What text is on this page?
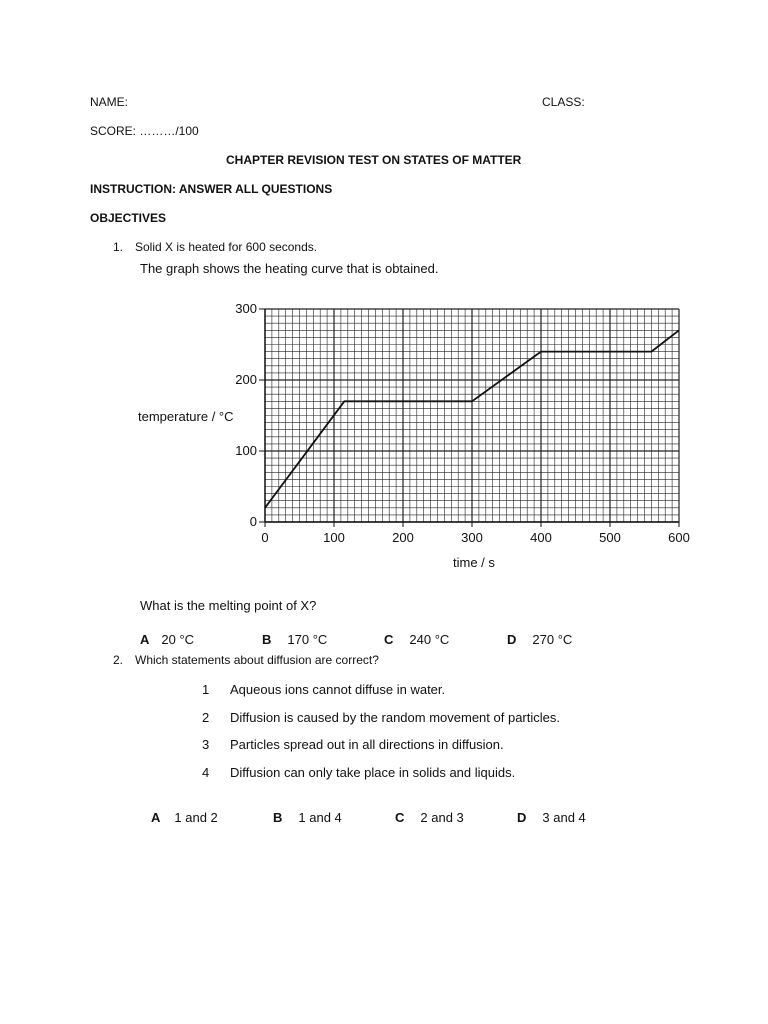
NAME:	CLASS:
SCORE: ………/100
CHAPTER REVISION TEST ON STATES OF MATTER
INSTRUCTION: ANSWER ALL QUESTIONS
OBJECTIVES
1. Solid X is heated for 600 seconds.
The graph shows the heating curve that is obtained.
0	100	200	300	400	500	600
0
100
200
300
temperature / °C
time / s
What is the melting point of X?
A 20 °C	B 170 °C	C 240 °C	D 270 °C
2. Which statements about diffusion are correct?
1 Aqueous ions cannot diffuse in water.
2 Diffusion is caused by the random movement of particles.
3 Particles spread out in all directions in diffusion.
4 Diffusion can only take place in solids and liquids.
A 1 and 2	B 1 and 4	C 2 and 3	D 3 and 4
